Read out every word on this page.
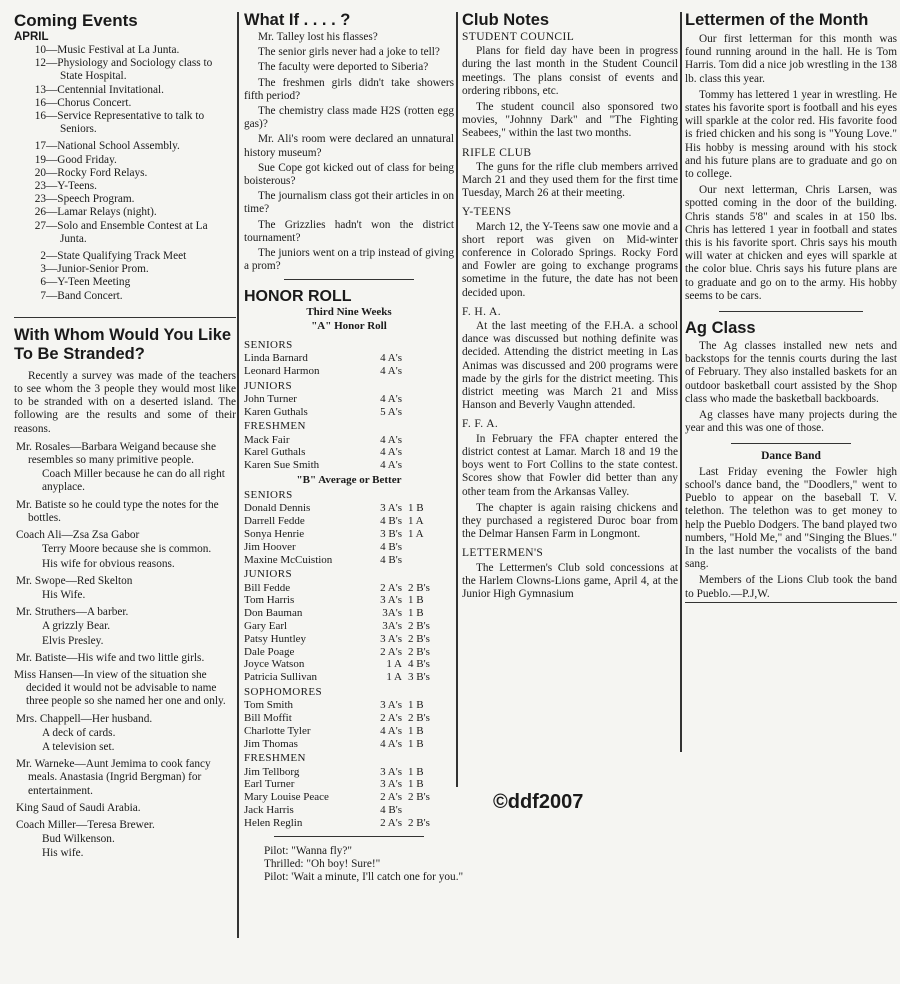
Coming Events
APRIL
10 —Music Festival at La Junta.
12 —Physiology and Sociology class to State Hospital.
13 —Centennial Invitational.
16 —Chorus Concert.
16 —Service Representative to talk to Seniors.
17 —National School Assembly.
19 —Good Friday.
20 —Rocky Ford Relays.
23 —Y-Teens.
23 —Speech Program.
26 —Lamar Relays (night).
27 —Solo and Ensemble Contest at La Junta.
2 —State Qualifying Track Meet
3 —Junior-Senior Prom.
6 —Y-Teen Meeting
7 —Band Concert.
With Whom Would You Like To Be Stranded?

Recently a survey was made of the teachers to see whom the 3 people they would most like to be stranded with on a deserted island. The following are the results and some of their reasons.

Mr. Rosales—Barbara Weigand because she resembles so many primitive people.
Coach Miller because he can do all right anyplace.
Mr. Batiste so he could type the notes for the bottles.
Coach Ali—Zsa Zsa Gabor
Terry Moore because she is common.
His wife for obvious reasons.
Mr. Swope—Red Skelton
His Wife.
Mr. Struthers—A barber.
A grizzly Bear.
Elvis Presley.
Mr. Batiste—His wife and two little girls.
Miss Hansen—In view of the situation she decided it would not be advisable to name three people so she named her one and only.
Mrs. Chappell—Her husband.
A deck of cards.
A television set.
Mr. Warneke—Aunt Jemima to cook fancy meals. Anastasia (Ingrid Bergman) for entertainment.
King Saud of Saudi Arabia.
Coach Miller—Teresa Brewer.
Bud Wilkenson.
His wife.
What If . . . . ?

Mr. Talley lost his flasses?

The senior girls never had a joke to tell?

The faculty were deported to Siberia?

The freshmen girls didn't take showers fifth period?

The chemistry class made H2S (rotten egg gas)?

Mr. Ali's room were declared an unnatural history museum?

Sue Cope got kicked out of class for being boisterous?

The journalism class got their articles in on time?

The Grizzlies hadn't won the district tournament?

The juniors went on a trip instead of giving a prom?

HONOR ROLL
Third Nine Weeks
"A" Honor Roll
SENIORS
Linda Barnard	4 A's	
Leonard Harmon	4 A's	
JUNIORS
John Turner	4 A's	
Karen Guthals	5 A's	
FRESHMEN
Mack Fair	4 A's	
Karel Guthals	4 A's	
Karen Sue Smith	4 A's	
"B" Average or Better
SENIORS
Donald Dennis	3 A's	1 B
Darrell Fedde	4 B's	1 A
Sonya Henrie	3 B's	1 A
Jim Hoover	4 B's	
Maxine McCuistion	4 B's	
JUNIORS
Bill Fedde	2 A's	2 B's
Tom Harris	3 A's	1 B
Don Bauman	3A's	1 B
Gary Earl	3A's	2 B's
Patsy Huntley	3 A's	2 B's
Dale Poage	2 A's	2 B's
Joyce Watson	1 A	4 B's
Patricia Sullivan	1 A	3 B's
SOPHOMORES
Tom Smith	3 A's	1 B
Bill Moffit	2 A's	2 B's
Charlotte Tyler	4 A's	1 B
Jim Thomas	4 A's	1 B
FRESHMEN
Jim Tellborg	3 A's	1 B
Earl Turner	3 A's	1 B
Mary Louise Peace	2 A's	2 B's
Jack Harris	4 B's	
Helen Reglin	2 A's	2 B's
Pilot: "Wanna fly?"
Thrilled: "Oh boy! Sure!"
Pilot: 'Wait a minute, I'll catch one for you."
Club Notes
STUDENT COUNCIL

Plans for field day have been in progress during the last month in the Student Council meetings. The plans consist of events and ordering ribbons, etc.

The student council also sponsored two movies, "Johnny Dark" and "The Fighting Seabees," within the last two months.

RIFLE CLUB

The guns for the rifle club members arrived March 21 and they used them for the first time Tuesday, March 26 at their meeting.

Y-TEENS

March 12, the Y-Teens saw one movie and a short report was given on Mid-winter conference in Colorado Springs. Rocky Ford and Fowler are going to exchange programs sometime in the future, the date has not been decided upon.

F. H. A.

At the last meeting of the F.H.A. a school dance was discussed but nothing definite was decided. Attending the district meeting in Las Animas was discussed and 200 programs were made by the girls for the district meeting. This district meeting was March 21 and Miss Hanson and Beverly Vaughn attended.

F. F. A.

In February the FFA chapter entered the district contest at Lamar. March 18 and 19 the boys went to Fort Collins to the state contest. Scores show that Fowler did better than any other team from the Arkansas Valley.

The chapter is again raising chickens and they purchased a registered Duroc boar from the Delmar Hansen Farm in Longmont.

LETTERMEN'S

The Lettermen's Club sold concessions at the Harlem Clowns-Lions game, April 4, at the Junior High Gymnasium

Lettermen of the Month

Our first letterman for this month was found running around in the hall. He is Tom Harris. Tom did a nice job wrestling in the 138 lb. class this year.

Tommy has lettered 1 year in wrestling. He states his favorite sport is football and his eyes will sparkle at the color red. His favorite food is fried chicken and his song is "Young Love." His hobby is messing around with his stock and his future plans are to graduate and go on to college.

Our next letterman, Chris Larsen, was spotted coming in the door of the building. Chris stands 5'8" and scales in at 150 lbs. Chris has lettered 1 year in football and states this is his favorite sport. Chris says his mouth will water at chicken and eyes will sparkle at the color blue. Chris says his future plans are to graduate and go on to the army. His hobby seems to be cars.

Ag Class

The Ag classes installed new nets and backstops for the tennis courts during the last of February. They also installed baskets for an outdoor basketball court assisted by the Shop class who made the basketball backboards.

Ag classes have many projects during the year and this was one of those.

Dance Band

Last Friday evening the Fowler high school's dance band, the "Doodlers," went to Pueblo to appear on the baseball T. V. telethon. The telethon was to get money to help the Pueblo Dodgers. The band played two numbers, "Hold Me," and "Singing the Blues." In the last number the vocalists of the band sang.

Members of the Lions Club took the band to Pueblo.—P.J,W.

©ddf2007
